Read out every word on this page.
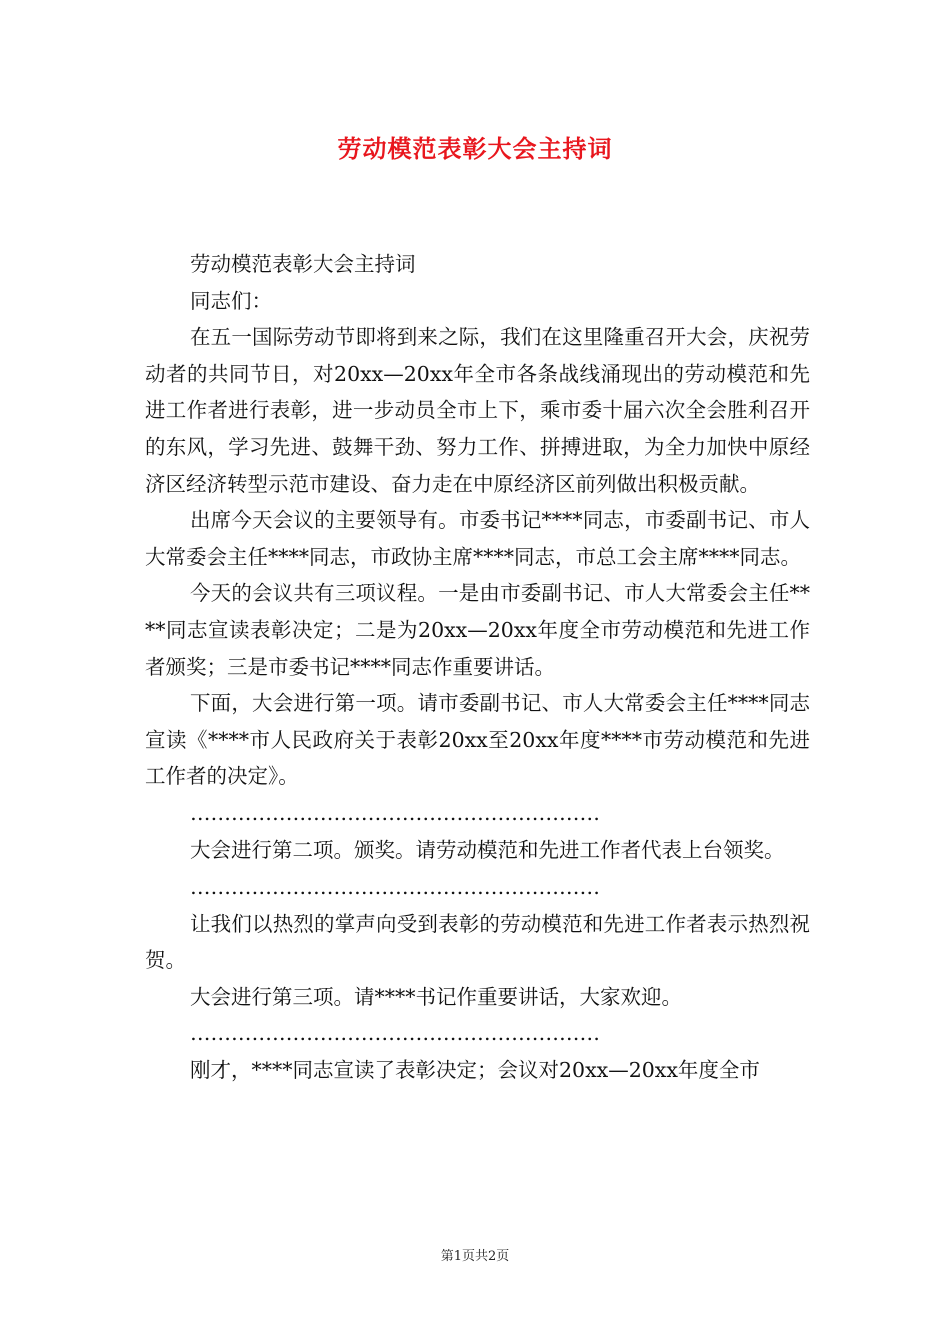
劳动模范表彰大会主持词

劳动模范表彰大会主持词

同志们：

在五一国际劳动节即将到来之际，我们在这里隆重召开大会，庆祝劳动者的共同节日，对20xx—20xx年全市各条战线涌现出的劳动模范和先进工作者进行表彰，进一步动员全市上下，乘市委十届六次全会胜利召开的东风，学习先进、鼓舞干劲、努力工作、拼搏进取，为全力加快中原经济区经济转型示范市建设、奋力走在中原经济区前列做出积极贡献。

出席今天会议的主要领导有。市委书记****同志，市委副书记、市人大常委会主任****同志，市政协主席****同志，市总工会主席****同志。

今天的会议共有三项议程。一是由市委副书记、市人大常委会主任****同志宣读表彰决定；二是为20xx—20xx年度全市劳动模范和先进工作者颁奖；三是市委书记****同志作重要讲话。

下面，大会进行第一项。请市委副书记、市人大常委会主任****同志宣读《****市人民政府关于表彰20xx至20xx年度****市劳动模范和先进工作者的决定》。

……………………………………………………

大会进行第二项。颁奖。请劳动模范和先进工作者代表上台领奖。

……………………………………………………

让我们以热烈的掌声向受到表彰的劳动模范和先进工作者表示热烈祝贺。

大会进行第三项。请****书记作重要讲话，大家欢迎。

……………………………………………………

刚才，****同志宣读了表彰决定；会议对20xx—20xx年度全市

第1页共2页
